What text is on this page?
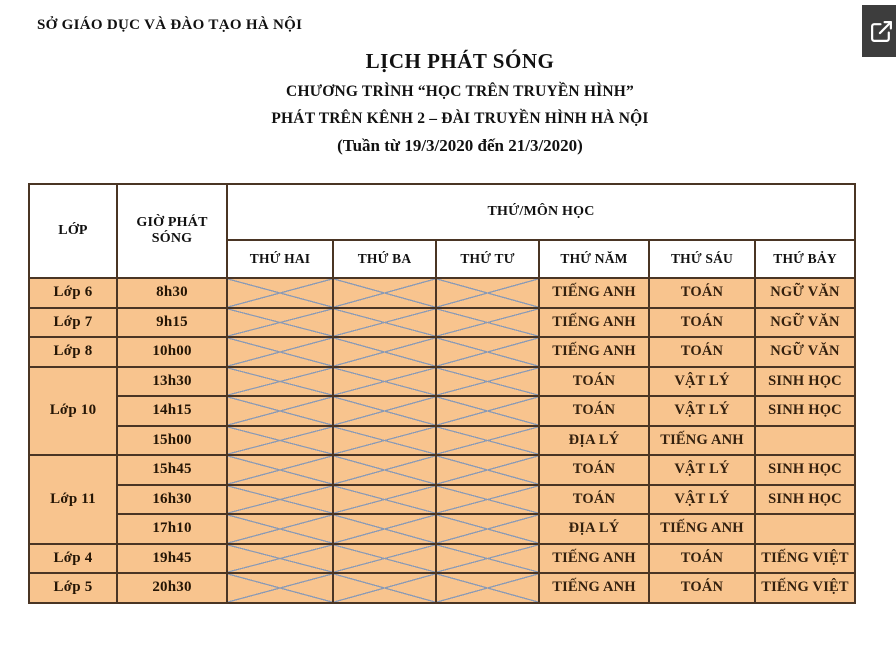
SỞ GIÁO DỤC VÀ ĐÀO TẠO HÀ NỘI
LỊCH PHÁT SÓNG
CHƯƠNG TRÌNH “HỌC TRÊN TRUYỀN HÌNH”
PHÁT TRÊN KÊNH 2 – ĐÀI TRUYỀN HÌNH HÀ NỘI
(Tuần từ 19/3/2020 đến 21/3/2020)
LỚP	GIỜ PHÁT SÓNG	THỨ/MÔN HỌC					
		THỨ HAI	THỨ BA	THỨ TƯ	THỨ NĂM	THỨ SÁU	THỨ BẢY
Lớp 6	8h30				TIẾNG ANH	TOÁN	NGỮ VĂN
Lớp 7	9h15				TIẾNG ANH	TOÁN	NGỮ VĂN
Lớp 8	10h00				TIẾNG ANH	TOÁN	NGỮ VĂN
Lớp 10	13h30				TOÁN	VẬT LÝ	SINH HỌC
	14h15				TOÁN	VẬT LÝ	SINH HỌC
	15h00				ĐỊA LÝ	TIẾNG ANH	
Lớp 11	15h45				TOÁN	VẬT LÝ	SINH HỌC
	16h30				TOÁN	VẬT LÝ	SINH HỌC
	17h10				ĐỊA LÝ	TIẾNG ANH	
Lớp 4	19h45				TIẾNG ANH	TOÁN	TIẾNG VIỆT
Lớp 5	20h30				TIẾNG ANH	TOÁN	TIẾNG VIỆT
